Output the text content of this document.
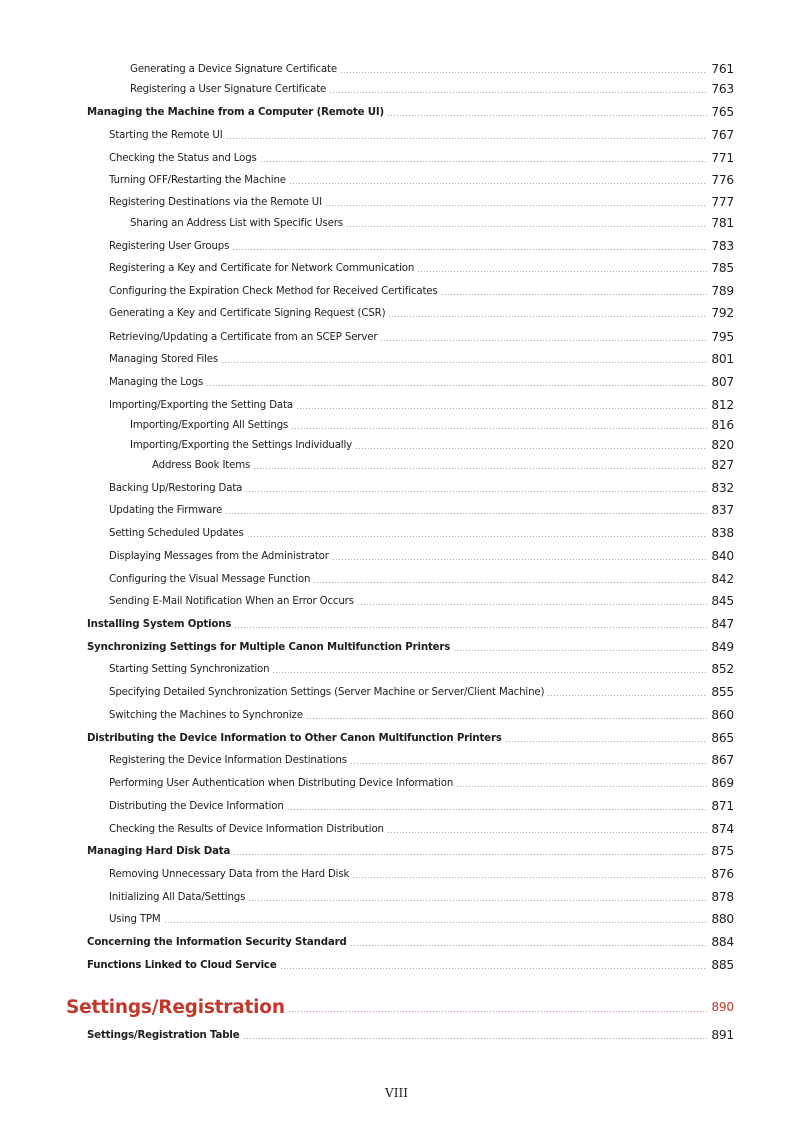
Generating a Device Signature Certificate	761
Registering a User Signature Certificate	763
Managing the Machine from a Computer (Remote UI)	765
Starting the Remote UI	767
Checking the Status and Logs	771
Turning OFF/Restarting the Machine	776
Registering Destinations via the Remote UI	777
Sharing an Address List with Specific Users	781
Registering User Groups	783
Registering a Key and Certificate for Network Communication	785
Configuring the Expiration Check Method for Received Certificates	789
Generating a Key and Certificate Signing Request (CSR)	792
Retrieving/Updating a Certificate from an SCEP Server	795
Managing Stored Files	801
Managing the Logs	807
Importing/Exporting the Setting Data	812
Importing/Exporting All Settings	816
Importing/Exporting the Settings Individually	820
Address Book Items	827
Backing Up/Restoring Data	832
Updating the Firmware	837
Setting Scheduled Updates	838
Displaying Messages from the Administrator	840
Configuring the Visual Message Function	842
Sending E-Mail Notification When an Error Occurs	845
Installing System Options	847
Synchronizing Settings for Multiple Canon Multifunction Printers	849
Starting Setting Synchronization	852
Specifying Detailed Synchronization Settings (Server Machine or Server/Client Machine)	855
Switching the Machines to Synchronize	860
Distributing the Device Information to Other Canon Multifunction Printers	865
Registering the Device Information Destinations	867
Performing User Authentication when Distributing Device Information	869
Distributing the Device Information	871
Checking the Results of Device Information Distribution	874
Managing Hard Disk Data	875
Removing Unnecessary Data from the Hard Disk	876
Initializing All Data/Settings	878
Using TPM	880
Concerning the Information Security Standard	884
Functions Linked to Cloud Service	885
Settings/Registration	890
Settings/Registration Table	891
VIII
